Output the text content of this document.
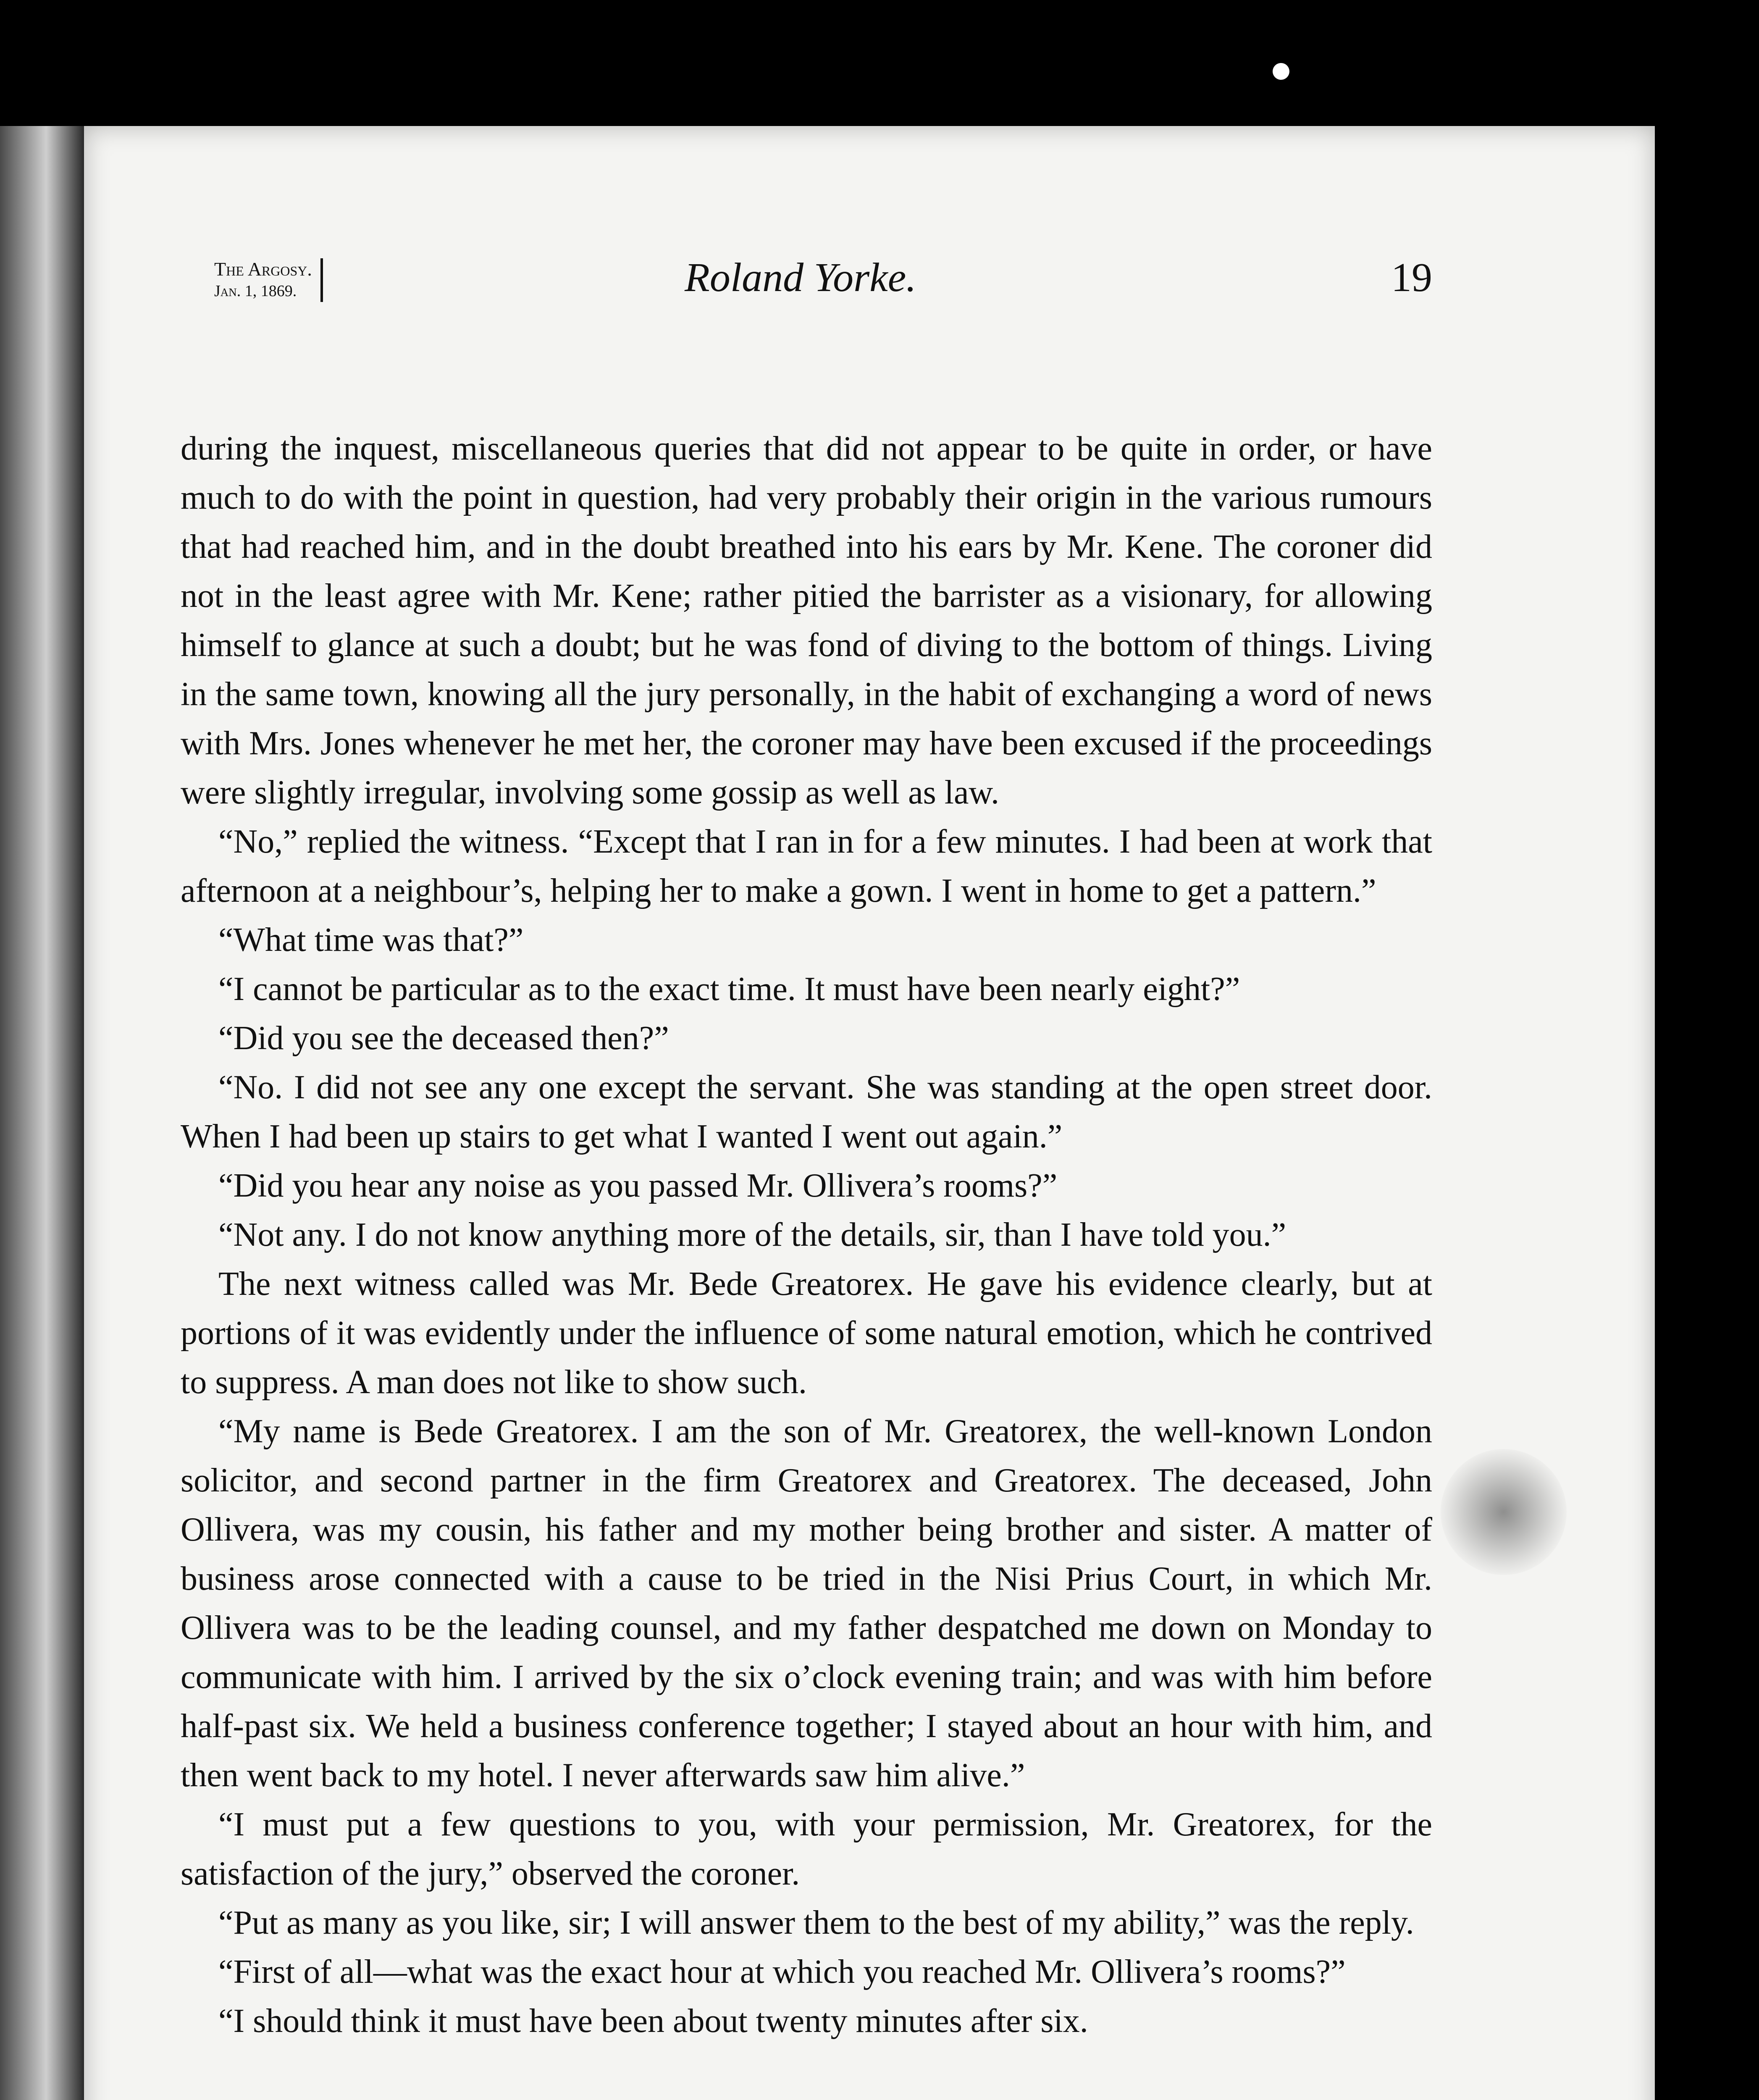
The Argosy.
Jan. 1, 1869.	Roland Yorke.	19

during the inquest, miscellaneous queries that did not appear to be quite in order, or have much to do with the point in question, had very probably their origin in the various rumours that had reached him, and in the doubt breathed into his ears by Mr. Kene. The coroner did not in the least agree with Mr. Kene; rather pitied the barrister as a visionary, for allowing himself to glance at such a doubt; but he was fond of diving to the bottom of things. Living in the same town, knowing all the jury personally, in the habit of exchanging a word of news with Mrs. Jones whenever he met her, the coroner may have been excused if the proceedings were slightly irregular, involving some gossip as well as law.

“No,” replied the witness. “Except that I ran in for a few minutes. I had been at work that afternoon at a neighbour’s, helping her to make a gown. I went in home to get a pattern.”

“What time was that?”

“I cannot be particular as to the exact time. It must have been nearly eight?”

“Did you see the deceased then?”

“No. I did not see any one except the servant. She was standing at the open street door. When I had been up stairs to get what I wanted I went out again.”

“Did you hear any noise as you passed Mr. Ollivera’s rooms?”

“Not any. I do not know anything more of the details, sir, than I have told you.”

The next witness called was Mr. Bede Greatorex. He gave his evidence clearly, but at portions of it was evidently under the influence of some natural emotion, which he contrived to suppress. A man does not like to show such.

“My name is Bede Greatorex. I am the son of Mr. Greatorex, the well-known London solicitor, and second partner in the firm Greatorex and Greatorex. The deceased, John Ollivera, was my cousin, his father and my mother being brother and sister. A matter of business arose connected with a cause to be tried in the Nisi Prius Court, in which Mr. Ollivera was to be the leading counsel, and my father despatched me down on Monday to communicate with him. I arrived by the six o’clock evening train; and was with him before half-past six. We held a business conference together; I stayed about an hour with him, and then went back to my hotel. I never afterwards saw him alive.”

“I must put a few questions to you, with your permission, Mr. Greatorex, for the satisfaction of the jury,” observed the coroner.

“Put as many as you like, sir; I will answer them to the best of my ability,” was the reply.

“First of all—what was the exact hour at which you reached Mr. Ollivera’s rooms?”

“I should think it must have been about twenty minutes after six.
